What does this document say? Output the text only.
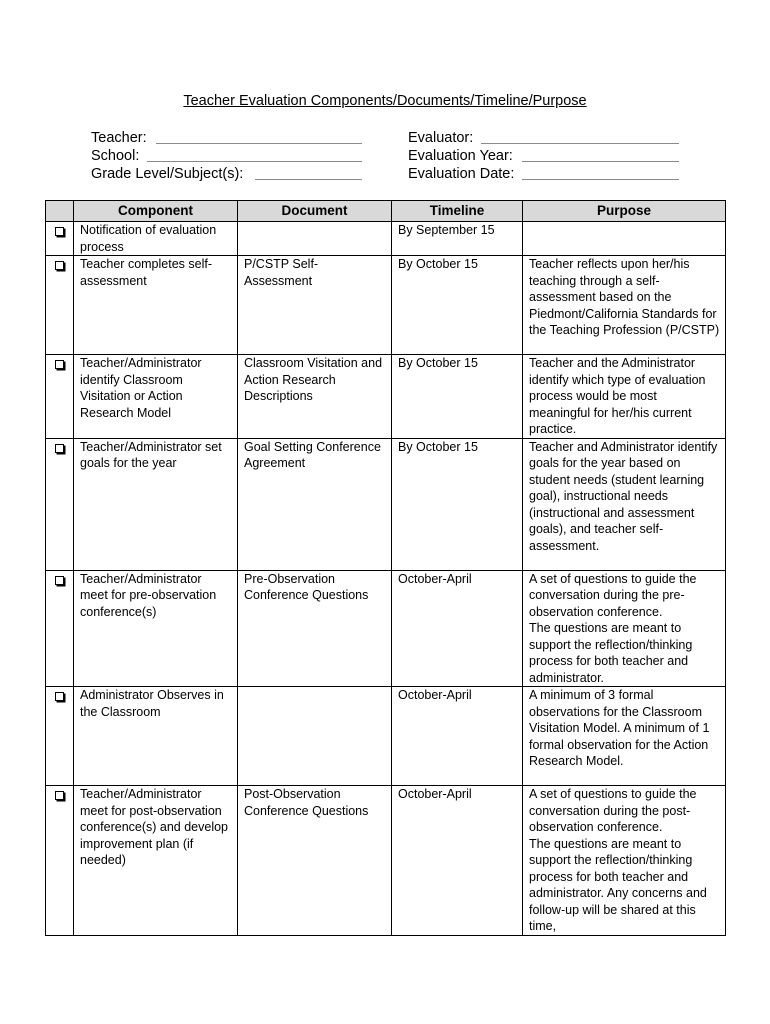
Teacher Evaluation Components/Documents/Timeline/Purpose
Teacher:
School:
Grade Level/Subject(s):
Evaluator:
Evaluation Year:
Evaluation Date:
	Component	Document	Timeline	Purpose
	Notification of evaluation process		By September 15	
	Teacher completes self-assessment	P/CSTP Self-Assessment	By October 15	Teacher reflects upon her/his teaching through a self-assessment based on the Piedmont/California Standards for the Teaching Profession (P/CSTP)
	Teacher/Administrator identify Classroom Visitation or Action Research Model	Classroom Visitation and Action Research Descriptions	By October 15	Teacher and the Administrator identify which type of evaluation process would be most meaningful for her/his current practice.
	Teacher/Administrator set goals for the year	Goal Setting Conference Agreement	By October 15	Teacher and Administrator identify goals for the year based on student needs (student learning goal), instructional needs (instructional and assessment goals), and teacher self-assessment.
	Teacher/Administrator meet for pre-observation conference(s)	Pre-Observation Conference Questions	October-April	A set of questions to guide the conversation during the pre-observation conference.
The questions are meant to support the reflection/thinking process for both teacher and administrator.

	Administrator Observes in the Classroom		October-April	A minimum of 3 formal observations for the Classroom Visitation Model. A minimum of 1 formal observation for the Action Research Model.
	Teacher/Administrator meet for post-observation conference(s) and develop improvement plan (if needed)	Post-Observation Conference Questions	October-April	A set of questions to guide the conversation during the post-observation conference.
The questions are meant to support the reflection/thinking process for both teacher and administrator. Any concerns and follow-up will be shared at this time,
